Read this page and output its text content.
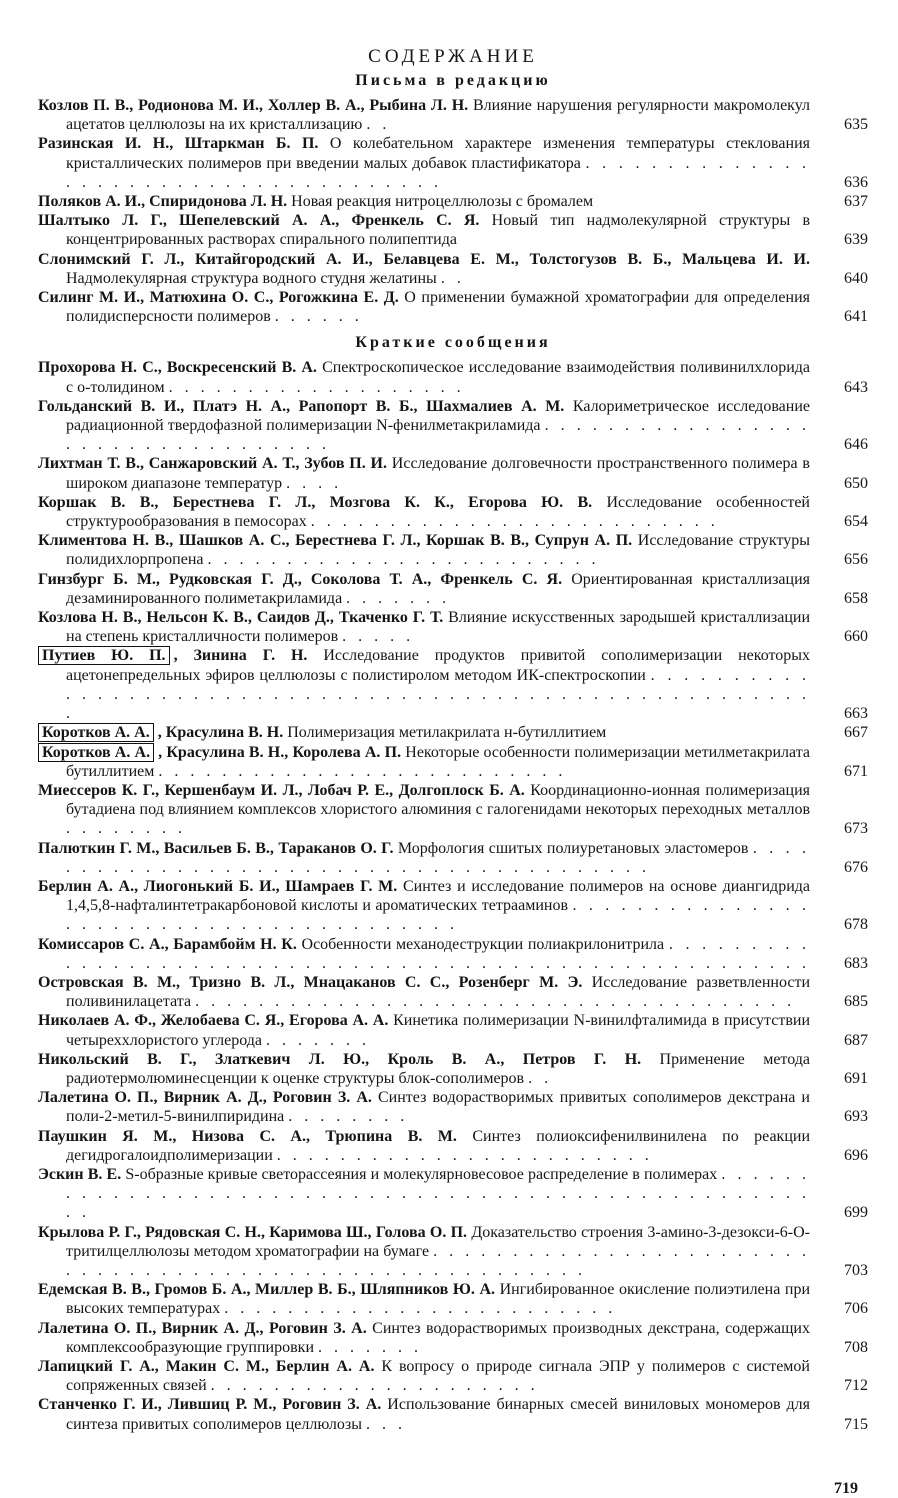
СОДЕРЖАНИЕ
Письма в редакцию
Козлов П. В., Родионова М. И., Холлер В. А., Рыбина Л. Н. Влияние нарушения регулярности макромолекул ацетатов целлюлозы на их кристаллизацию . .	635
Разинская И. Н., Штаркман Б. П. О колебательном характере изменения температуры стеклования кристаллических полимеров при введении малых добавок пластификатора . . . . . . . . . . . . . . . . . . . . . . . . . . . . . . . . . . . . . .	636
Поляков А. И., Спиридонова Л. Н. Новая реакция нитроцеллюлозы с бромалем	637
Шалтыко Л. Г., Шепелевский А. А., Френкель С. Я. Новый тип надмолекулярной структуры в концентрированных растворах спирального полипептида	639
Слонимский Г. Л., Китайгородский А. И., Белавцева Е. М., Толстогузов В. Б., Мальцева И. И. Надмолекулярная структура водного студня желатины . .	640
Силинг М. И., Матюхина О. С., Рогожкина Е. Д. О применении бумажной хроматографии для определения полидисперсности полимеров . . . . . .	641
Краткие сообщения
Прохорова Н. С., Воскресенский В. А. Спектроскопическое исследование взаимодействия поливинилхлорида с о-толидином . . . . . . . . . . . . . . . . . . .	643
Гольданский В. И., Платэ Н. А., Рапопорт В. Б., Шахмалиев А. М. Калориметрическое исследование радиационной твердофазной полимеризации N-фенилметакриламида . . . . . . . . . . . . . . . . . . . . . . . . . . . . . . . . . .	646
Лихтман Т. В., Санжаровский А. Т., Зубов П. И. Исследование долговечности пространственного полимера в широком диапазоне температур . . . .	650
Коршак В. В., Берестнева Г. Л., Мозгова К. К., Егорова Ю. В. Исследование особенностей структурообразования в пемосорах . . . . . . . . . . . . . . . . . . . . . . . . . .	654
Климентова Н. В., Шашков А. С., Берестнева Г. Л., Коршак В. В., Супрун А. П. Исследование структуры полидихлорпропена . . . . . . . . . . . . . . . . . . . . . . . . .	656
Гинзбург Б. М., Рудковская Г. Д., Соколова Т. А., Френкель С. Я. Ориентированная кристаллизация дезаминированного полиметакриламида . . . . . . .	658
Козлова Н. В., Нельсон К. В., Саидов Д., Ткаченко Г. Т. Влияние искусственных зародышей кристаллизации на степень кристалличности полимеров . . . . .	660
Путиев Ю. П. , Зинина Г. Н. Исследование продуктов привитой сополимеризации некоторых ацетонепредельных эфиров целлюлозы с полистиролом методом ИК-спектроскопии . . . . . . . . . . . . . . . . . . . . . . . . . . . . . . . . . . . . . . . . . . . . . . . . . . . . . . . . . .	663
Коротков А. А. , Красулина В. Н. Полимеризация метилакрилата н-бутиллитием	667
Коротков А. А. , Красулина В. Н., Королева А. П. Некоторые особенности полимеризации метилметакрилата бутиллитием . . . . . . . . . . . . . . . . . . . . . . . . . .	671
Миессеров К. Г., Кершенбаум И. Л., Лобач Р. Е., Долгоплоск Б. А. Координационно-ионная полимеризация бутадиена под влиянием комплексов хлористого алюминия с галогенидами некоторых переходных металлов . . . . . . . .	673
Палюткин Г. М., Васильев Б. В., Тараканов О. Г. Морфология сшитых полиуретановых эластомеров . . . . . . . . . . . . . . . . . . . . . . . . . . . . . . . . . . . . . . . . .	676
Берлин А. А., Лиогонький Б. И., Шамраев Г. М. Синтез и исследование полимеров на основе диангидрида 1,4,5,8-нафталинтетракарбоновой кислоты и ароматических тетрааминов . . . . . . . . . . . . . . . . . . . . . . . . . . . . . . . . . . . . . . . .	678
Комиссаров С. А., Барамбойм Н. К. Особенности механодеструкции полиакрилонитрила . . . . . . . . . . . . . . . . . . . . . . . . . . . . . . . . . . . . . . . . . . . . . . . . . . . . . . . .	683
Островская В. М., Тризно В. Л., Мнацаканов С. С., Розенберг М. Э. Исследование разветвленности поливинилацетата . . . . . . . . . . . . . . . . . . . . . . . . . . . . . . . . . . . . . .	685
Николаев А. Ф., Желобаева С. Я., Егорова А. А. Кинетика полимеризации N-винилфталимида в присутствии четыреххлористого углерода . . . . . . .	687
Никольский В. Г., Златкевич Л. Ю., Кроль В. А., Петров Г. Н. Применение метода радиотермолюминесценции к оценке структуры блок-сополимеров . .	691
Лалетина О. П., Вирник А. Д., Роговин З. А. Синтез водорастворимых привитых сополимеров декстрана и поли-2-метил-5-винилпиридина . . . . . . . .	693
Паушкин Я. М., Низова С. А., Трюпина В. М. Синтез полиоксифенилвинилена по реакции дегидрогалоидполимеризации . . . . . . . . . . . . . . . . . . . . . . . .	696
Эскин В. Е. S-образные кривые светорассеяния и молекулярновесовое распределение в полимерах . . . . . . . . . . . . . . . . . . . . . . . . . . . . . . . . . . . . . . . . . . . . . . . . . . . . . . .	699
Крылова Р. Г., Рядовская С. Н., Каримова Ш., Голова О. П. Доказательство строения 3-амино-3-дезокси-6-О-тритилцеллюлозы методом хроматографии на бумаге . . . . . . . . . . . . . . . . . . . . . . . . . . . . . . . . . . . . . . . . . . . . . . . . . . . . . . . . .	703
Едемская В. В., Громов Б. А., Миллер В. Б., Шляпников Ю. А. Ингибированное окисление полиэтилена при высоких температурах . . . . . . . . . . . . . . . . . . . . . . . . .	706
Лалетина О. П., Вирник А. Д., Роговин З. А. Синтез водорастворимых производных декстрана, содержащих комплексообразующие группировки . . . . . . .	708
Лапицкий Г. А., Макин С. М., Берлин А. А. К вопросу о природе сигнала ЭПР у полимеров с системой сопряженных связей . . . . . . . . . . . . . . . . . . . . .	712
Станченко Г. И., Лившиц Р. М., Роговин З. А. Использование бинарных смесей виниловых мономеров для синтеза привитых сополимеров целлюлозы . . .	715
719
